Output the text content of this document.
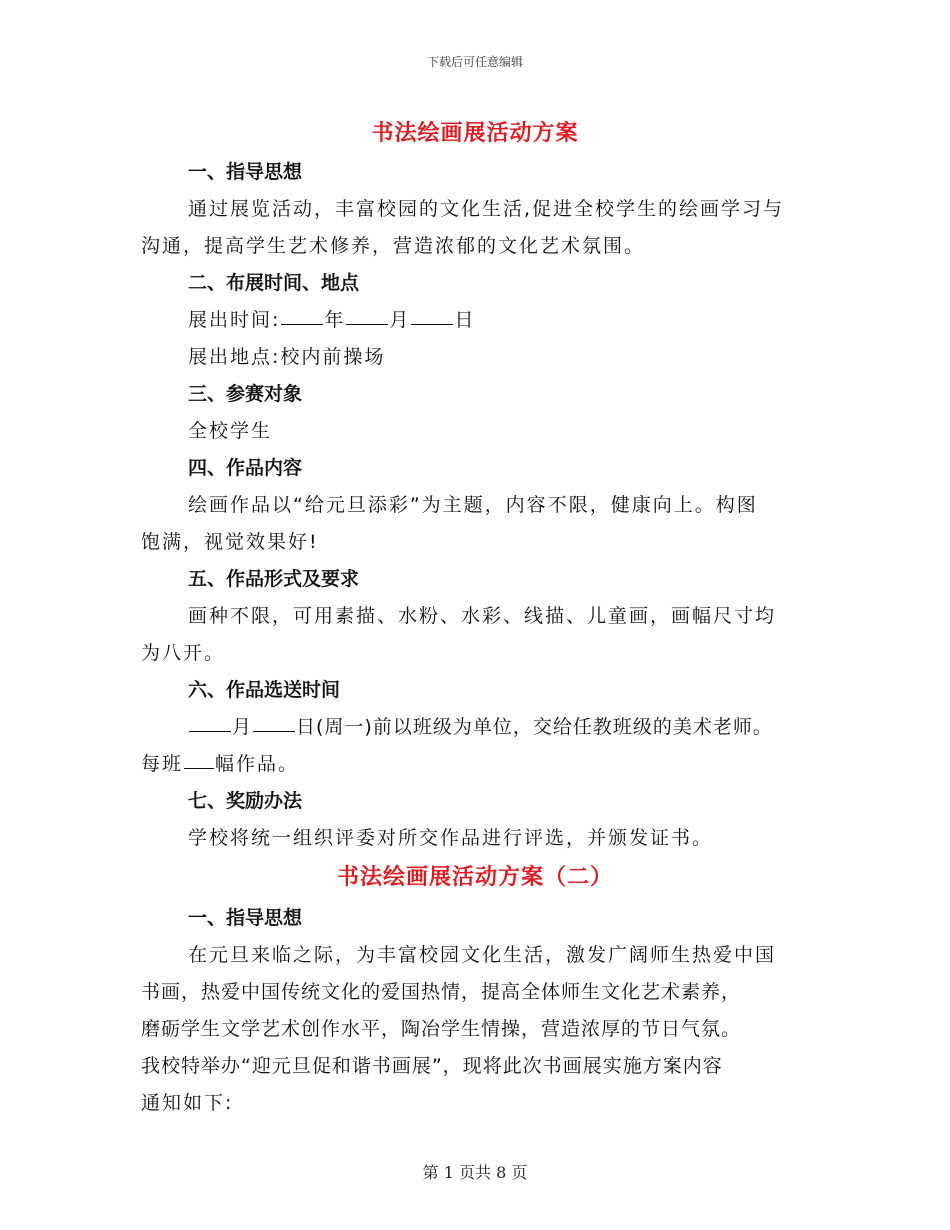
下载后可任意编辑
书法绘画展活动方案
一、指导思想
通过展览活动，丰富校园的文化生活,促进全校学生的绘画学习与
沟通，提高学生艺术修养，营造浓郁的文化艺术氛围。
二、布展时间、地点
展出时间: 年 月 日
展出地点:校内前操场
三、参赛对象
全校学生
四、作品内容
绘画作品以“给元旦添彩”为主题，内容不限，健康向上。构图
饱满，视觉效果好!
五、作品形式及要求
画种不限，可用素描、水粉、水彩、线描、儿童画，画幅尺寸均
为八开。
六、作品选送时间
月 日(周一)前以班级为单位，交给任教班级的美术老师。
每班 幅作品。
七、奖励办法
学校将统一组织评委对所交作品进行评选，并颁发证书。
书法绘画展活动方案（二）
一、指导思想
在元旦来临之际，为丰富校园文化生活，激发广阔师生热爱中国
书画，热爱中国传统文化的爱国热情，提高全体师生文化艺术素养，
磨砺学生文学艺术创作水平，陶冶学生情操，营造浓厚的节日气氛。
我校特举办“迎元旦促和谐书画展”，现将此次书画展实施方案内容
通知如下:
第 1 页共 8 页
